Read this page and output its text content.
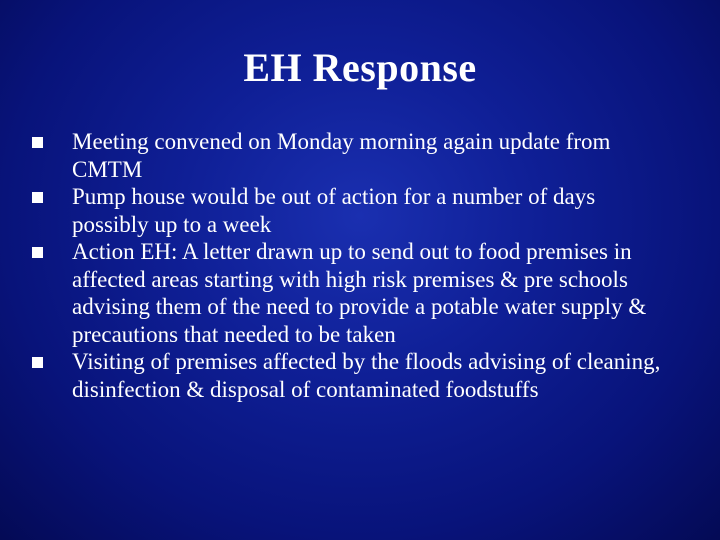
EH Response
Meeting convened on Monday morning again update from CMTM
Pump house would be out of action for a number of days possibly up to a week
Action EH: A letter drawn up to send out to food premises in affected areas starting with high risk premises & pre schools advising them of the need to provide a potable water supply & precautions that needed to be taken
Visiting of premises affected by the floods advising of cleaning, disinfection & disposal of contaminated foodstuffs
